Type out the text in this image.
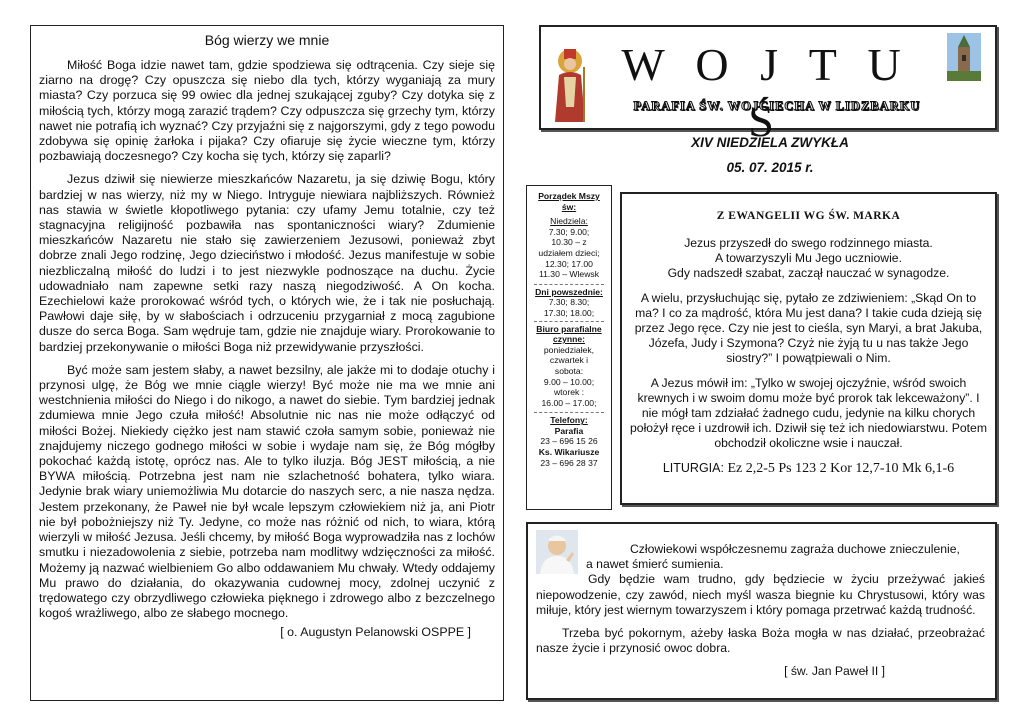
Bóg wierzy we mnie

Miłość Boga idzie nawet tam, gdzie spodziewa się odtrącenia. Czy sieje się ziarno na drogę? Czy opuszcza się niebo dla tych, którzy wyganiają za mury miasta? Czy porzuca się 99 owiec dla jednej szukającej zguby? Czy dotyka się z miłością tych, którzy mogą zarazić trądem? Czy odpuszcza się grzechy tym, którzy nawet nie potrafią ich wyznać? Czy przyjaźni się z najgorszymi, gdy z tego powodu zdobywa się opinię żarłoka i pijaka? Czy ofiaruje się życie wieczne tym, którzy pozbawiają doczesnego? Czy kocha się tych, którzy się zaparli?

Jezus dziwił się niewierze mieszkańców Nazaretu, ja się dziwię Bogu, który bardziej w nas wierzy, niż my w Niego. Intryguje niewiara najbliższych. Również nas stawia w świetle kłopotliwego pytania: czy ufamy Jemu totalnie, czy też stagnacyjna religijność pozbawiła nas spontaniczności wiary? Zdumienie mieszkańców Nazaretu nie stało się zawierzeniem Jezusowi, ponieważ zbyt dobrze znali Jego rodzinę, Jego dzieciństwo i młodość. Jezus manifestuje w sobie niezbliczalną miłość do ludzi i to jest niezwykle podnoszące na duchu. Życie udowadniało nam zapewne setki razy naszą niegodziwość. A On kocha. Ezechielowi każe prorokować wśród tych, o których wie, że i tak nie posłuchają. Pawłowi daje siłę, by w słabościach i odrzuceniu przygarniał z mocą zagubione dusze do serca Boga. Sam wędruje tam, gdzie nie znajduje wiary. Prorokowanie to bardziej przekonywanie o miłości Boga niż przewidywanie przyszłości.

Być może sam jestem słaby, a nawet bezsilny, ale jakże mi to dodaje otuchy i przynosi ulgę, że Bóg we mnie ciągle wierzy! Być może nie ma we mnie ani westchnienia miłości do Niego i do nikogo, a nawet do siebie. Tym bardziej jednak zdumiewa mnie Jego czuła miłość! Absolutnie nic nas nie może odłączyć od miłości Bożej. Niekiedy ciężko jest nam stawić czoła samym sobie, ponieważ nie znajdujemy niczego godnego miłości w sobie i wydaje nam się, że Bóg mógłby pokochać każdą istotę, oprócz nas. Ale to tylko iluzja. Bóg JEST miłością, a nie BYWA miłością. Potrzebna jest nam nie szlachetność bohatera, tylko wiara. Jedynie brak wiary uniemożliwia Mu dotarcie do naszych serc, a nie nasza nędza. Jestem przekonany, że Paweł nie był wcale lepszym człowiekiem niż ja, ani Piotr nie był pobożniejszy niż Ty. Jedyne, co może nas różnić od nich, to wiara, którą wierzyli w miłość Jezusa. Jeśli chcemy, by miłość Boga wyprowadziła nas z lochów smutku i niezadowolenia z siebie, potrzeba nam modlitwy wdzięczności za miłość. Możemy ją nazwać wielbieniem Go albo oddawaniem Mu chwały. Wtedy oddajemy Mu prawo do działania, do okazywania cudownej mocy, zdolnej uczynić z trędowatego czy obrzydliwego człowieka pięknego i zdrowego albo z bezczelnego kogoś wrażliwego, albo ze słabego mocnego.

[ o. Augustyn Pelanowski OSPPE ]
W O J T U Ś
PARAFIA ŚW. WOJCIECHA W LIDZBARKU
XIV NIEDZIELA ZWYKŁA
05. 07. 2015 r.
Porządek Mszy św:
Niedziela:
7.30; 9.00;
10.30 – z
udziałem dzieci;
12.30; 17.00
11.30 – Wlewsk
Dni powszednie:
7.30; 8.30;
17.30; 18.00;
Biuro parafialne czynne:
poniedziałek,
czwartek i
sobota:
9.00 – 10.00;
wtorek :
16.00 – 17.00;
Telefony:
Parafia
23 – 696 15 26
Ks. Wikariusze
23 – 696 28 37
Z EWANGELII WG ŚW. MARKA

Jezus przyszedł do swego rodzinnego miasta.
A towarzyszyli Mu Jego uczniowie.
Gdy nadszedł szabat, zaczął nauczać w synagodze.

A wielu, przysłuchując się, pytało ze zdziwieniem: „Skąd On to ma? I co za mądrość, która Mu jest dana? I takie cuda dzieją się przez Jego ręce. Czy nie jest to cieśla, syn Maryi, a brat Jakuba, Józefa, Judy i Szymona? Czyż nie żyją tu u nas także Jego siostry?” I powątpiewali o Nim.

A Jezus mówił im: „Tylko w swojej ojczyźnie, wśród swoich krewnych i w swoim domu może być prorok tak lekceważony”. I nie mógł tam zdziałać żadnego cudu, jedynie na kilku chorych położył ręce i uzdrowił ich. Dziwił się też ich niedowiarstwu. Potem obchodził okoliczne wsie i nauczał.

LITURGIA: Ez 2,2-5 Ps 123 2 Kor 12,7-10 Mk 6,1-6

Człowiekowi współczesnemu zagraża duchowe znieczulenie,
a nawet śmierć sumienia.

Gdy będzie wam trudno, gdy będziecie w życiu przeżywać jakieś niepowodzenie, czy zawód, niech myśl wasza biegnie ku Chrystusowi, który was miłuje, który jest wiernym towarzyszem i który pomaga przetrwać każdą trudność.

Trzeba być pokornym, ażeby łaska Boża mogła w nas działać, przeobrażać nasze życie i przynosić owoc dobra.

[ św. Jan Paweł II ]
